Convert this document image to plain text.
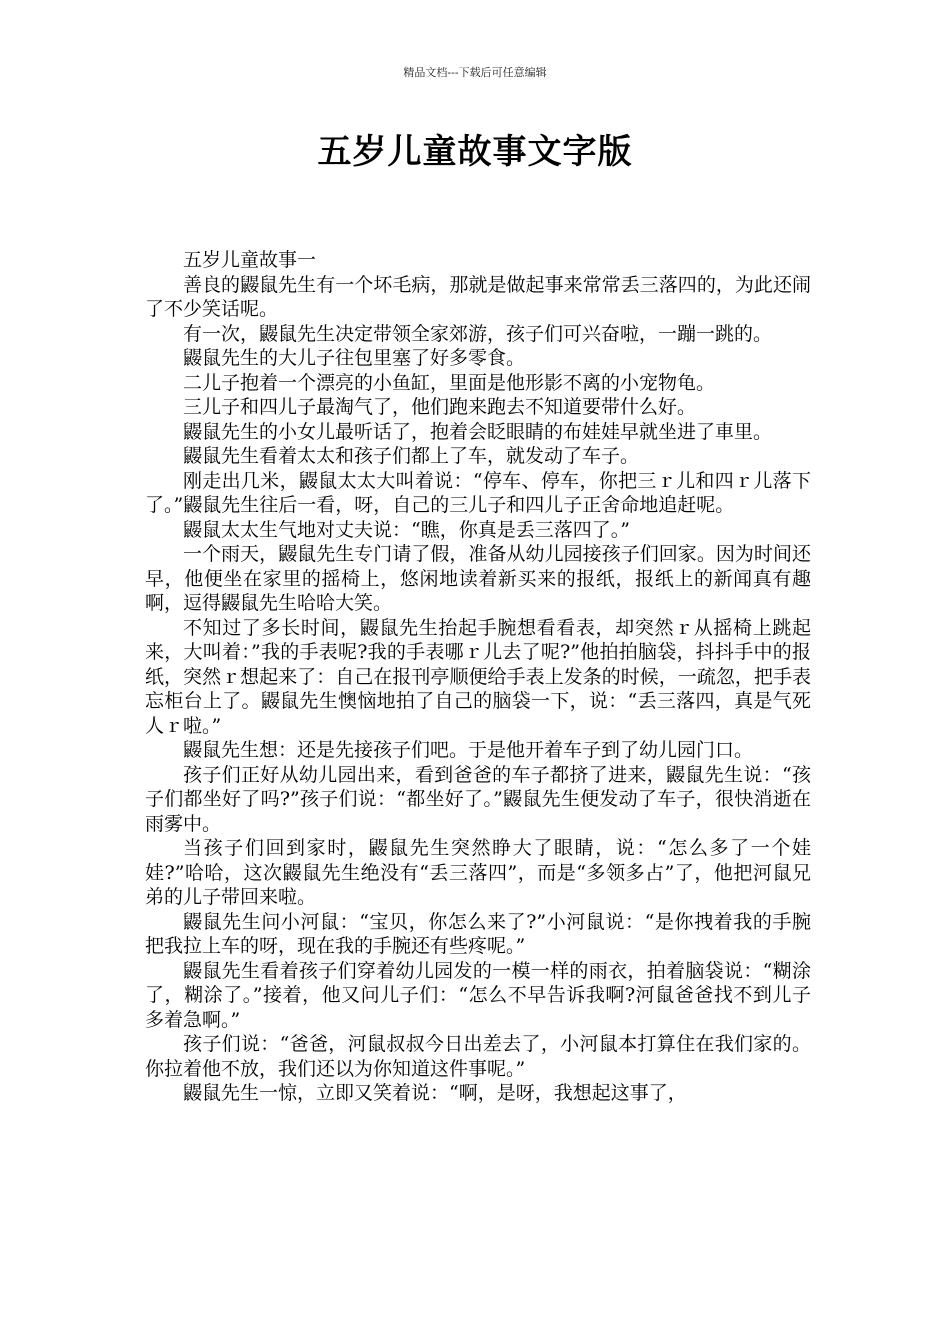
精品文档---下载后可任意编辑
五岁儿童故事文字版

五岁儿童故事一

善良的鼹鼠先生有一个坏毛病，那就是做起事来常常丢三落四的，为此还闹了不少笑话呢。

有一次，鼹鼠先生决定带领全家郊游，孩子们可兴奋啦，一蹦一跳的。

鼹鼠先生的大儿子往包里塞了好多零食。

二儿子抱着一个漂亮的小鱼缸，里面是他形影不离的小宠物龟。

三儿子和四儿子最淘气了，他们跑来跑去不知道要带什么好。

鼹鼠先生的小女儿最听话了，抱着会眨眼睛的布娃娃早就坐进了車里。

鼹鼠先生看着太太和孩子们都上了车，就发动了车子。

刚走出几米，鼹鼠太太大叫着说：“停车、停车，你把三ｒ儿和四ｒ儿落下了。”鼹鼠先生往后一看，呀，自己的三儿子和四儿子正舍命地追赶呢。

鼹鼠太太生气地对丈夫说：“瞧，你真是丢三落四了。”

一个雨天，鼹鼠先生专门请了假，准备从幼儿园接孩子们回家。因为时间还早，他便坐在家里的摇椅上，悠闲地读着新买来的报纸，报纸上的新闻真有趣啊，逗得鼹鼠先生哈哈大笑。

不知过了多长时间，鼹鼠先生抬起手腕想看看表，却突然ｒ从摇椅上跳起来，大叫着：”我的手表呢?我的手表哪ｒ儿去了呢?”他拍拍脑袋，抖抖手中的报纸，突然ｒ想起来了：自己在报刊亭顺便给手表上发条的时候，一疏忽，把手表忘柜台上了。鼹鼠先生懊恼地拍了自己的脑袋一下，说：“丢三落四，真是气死人ｒ啦。”

鼹鼠先生想：还是先接孩子们吧。于是他开着车子到了幼儿园门口。

孩子们正好从幼儿园出来，看到爸爸的车子都挤了进来，鼹鼠先生说：“孩子们都坐好了吗?”孩子们说：“都坐好了。”鼹鼠先生便发动了车子，很快消逝在雨雾中。

当孩子们回到家时，鼹鼠先生突然睁大了眼睛，说：“怎么多了一个娃娃?”哈哈，这次鼹鼠先生绝没有“丢三落四”，而是“多领多占”了，他把河鼠兄弟的儿子带回来啦。

鼹鼠先生问小河鼠：“宝贝，你怎么来了?”小河鼠说：“是你拽着我的手腕把我拉上车的呀，现在我的手腕还有些疼呢。”

鼹鼠先生看着孩子们穿着幼儿园发的一模一样的雨衣，拍着脑袋说：“糊涂了，糊涂了。”接着，他又问儿子们：“怎么不早告诉我啊?河鼠爸爸找不到儿子多着急啊。”

孩子们说：“爸爸，河鼠叔叔今日出差去了，小河鼠本打算住在我们家的。你拉着他不放，我们还以为你知道这件事呢。”

鼹鼠先生一惊，立即又笑着说：“啊，是呀，我想起这事了，
